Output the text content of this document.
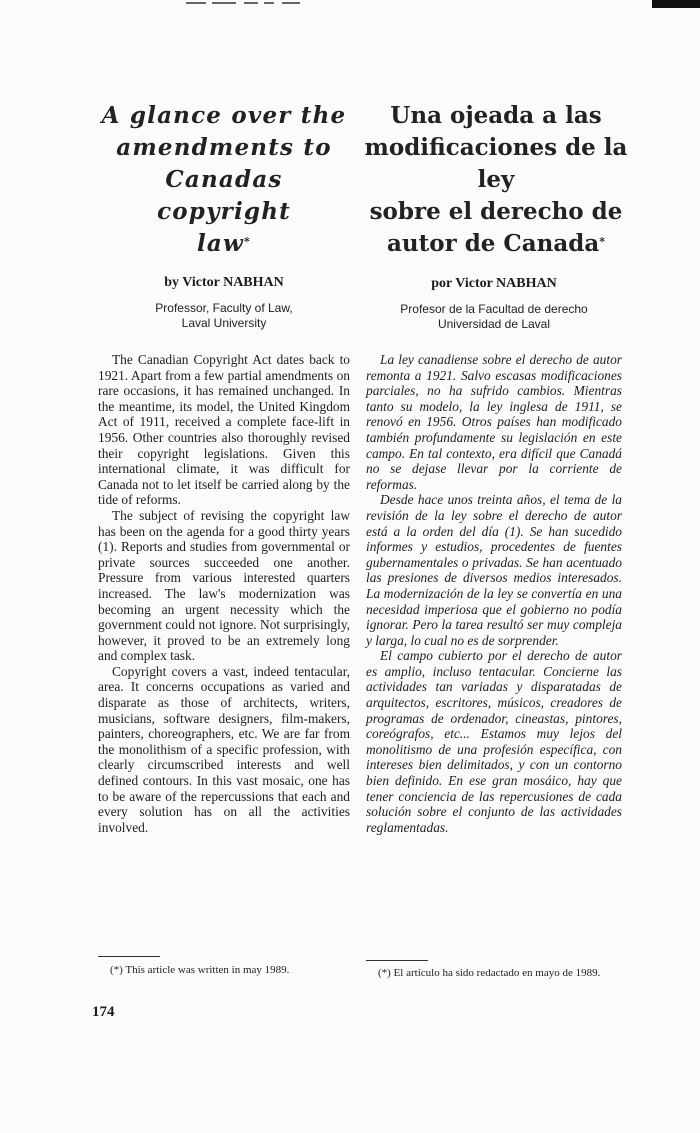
A glance over the
amendments to
Canadas copyright
law*
by Victor NABHAN
Professor, Faculty of Law,
Laval University

The Canadian Copyright Act dates back to 1921. Apart from a few partial amendments on rare occasions, it has remained unchanged. In the meantime, its model, the United Kingdom Act of 1911, received a complete face-lift in 1956. Other countries also thoroughly revised their copyright legislations. Given this international climate, it was difficult for Canada not to let itself be carried along by the tide of reforms.

The subject of revising the copyright law has been on the agenda for a good thirty years (1). Reports and studies from governmental or private sources succeeded one another. Pressure from various interested quarters increased. The law's modernization was becoming an urgent necessity which the government could not ignore. Not surprisingly, however, it proved to be an extremely long and complex task.

Copyright covers a vast, indeed tentacular, area. It concerns occupations as varied and disparate as those of architects, writers, musicians, software designers, film-makers, painters, choreographers, etc. We are far from the monolithism of a specific profession, with clearly circumscribed interests and well defined contours. In this vast mosaic, one has to be aware of the repercussions that each and every solution has on all the activities involved.

Una ojeada a las
modificaciones de la ley
sobre el derecho de
autor de Canada*
por Victor NABHAN
Profesor de la Facultad de derecho
Universidad de Laval

La ley canadiense sobre el derecho de autor remonta a 1921. Salvo escasas modificaciones parciales, no ha sufrido cambios. Mientras tanto su modelo, la ley inglesa de 1911, se renovó en 1956. Otros países han modificado también profundamente su legislación en este campo. En tal contexto, era difícil que Canadá no se dejase llevar por la corriente de reformas.

Desde hace unos treinta años, el tema de la revisión de la ley sobre el derecho de autor está a la orden del día (1). Se han sucedido informes y estudios, procedentes de fuentes gubernamentales o privadas. Se han acentuado las presiones de diversos medios interesados. La modernización de la ley se convertía en una necesidad imperiosa que el gobierno no podía ignorar. Pero la tarea resultó ser muy compleja y larga, lo cual no es de sorprender.

El campo cubierto por el derecho de autor es amplio, incluso tentacular. Concierne las actividades tan variadas y disparatadas de arquitectos, escritores, músicos, creadores de programas de ordenador, cineastas, pintores, coreógrafos, etc... Estamos muy lejos del monolitismo de una profesión específica, con intereses bien delimitados, y con un contorno bien definido. En ese gran mosáico, hay que tener conciencia de las repercusiones de cada solución sobre el conjunto de las actividades reglamentadas.

(*) This article was written in may 1989.	(*) El artículo ha sido redactado en mayo de 1989.
174
